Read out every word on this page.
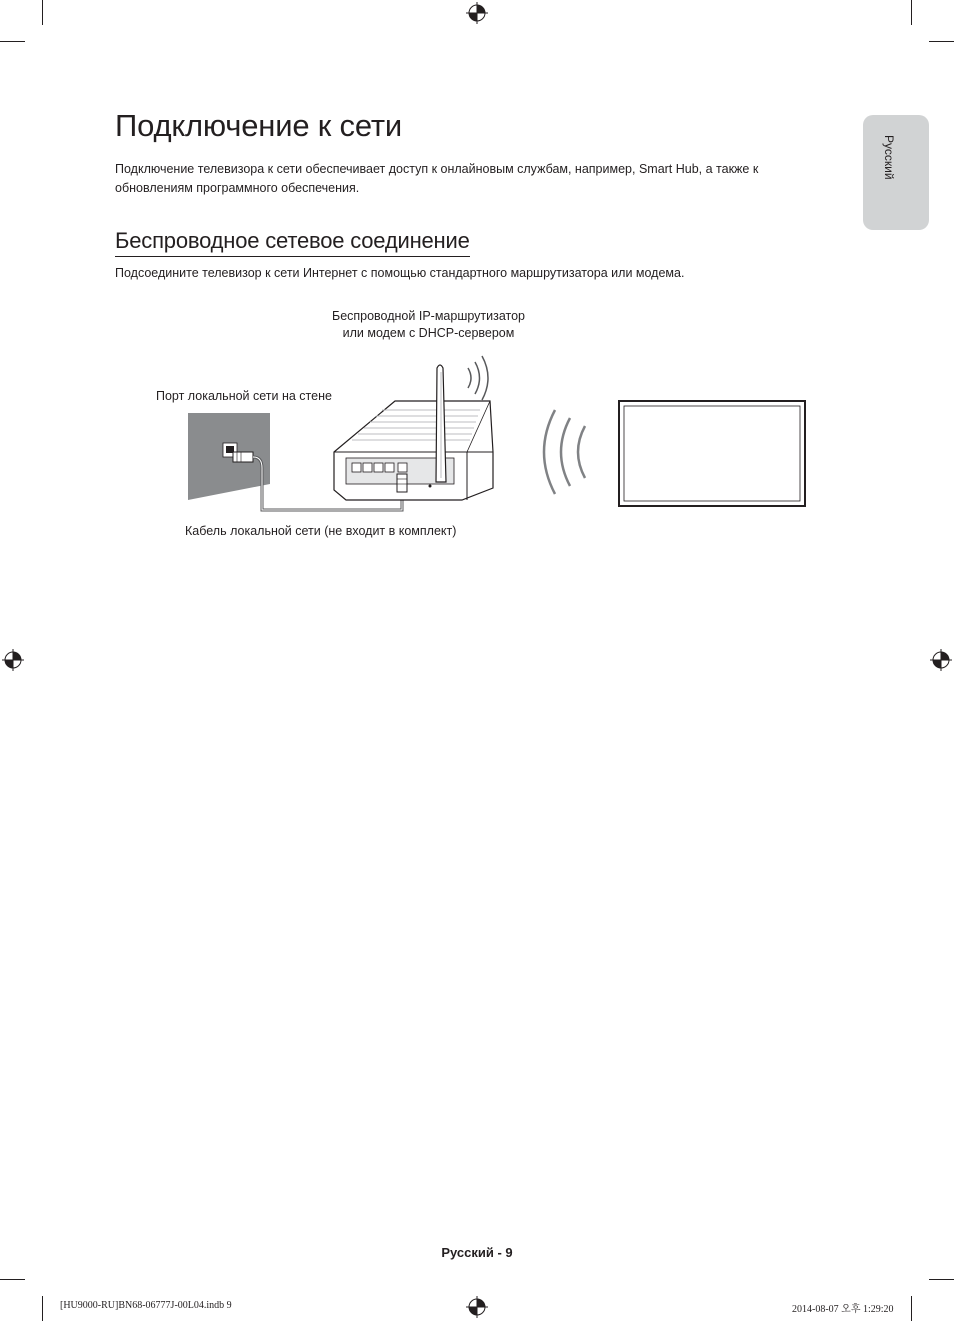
Русский
Подключение к сети

Подключение телевизора к сети обеспечивает доступ к онлайновым службам, например, Smart Hub, а также к обновлениям программного обеспечения.

Беспроводное сетевое соединение

Подсоедините телевизор к сети Интернет с помощью стандартного маршрутизатора или модема.

Беспроводной IP-маршрутизатор
или модем с DHCP-сервером
Порт локальной сети на стене
Кабель локальной сети (не входит в комплект)
Русский - 9
[HU9000-RU]BN68-06777J-00L04.indb 9	2014-08-07 오후 1:29:20
